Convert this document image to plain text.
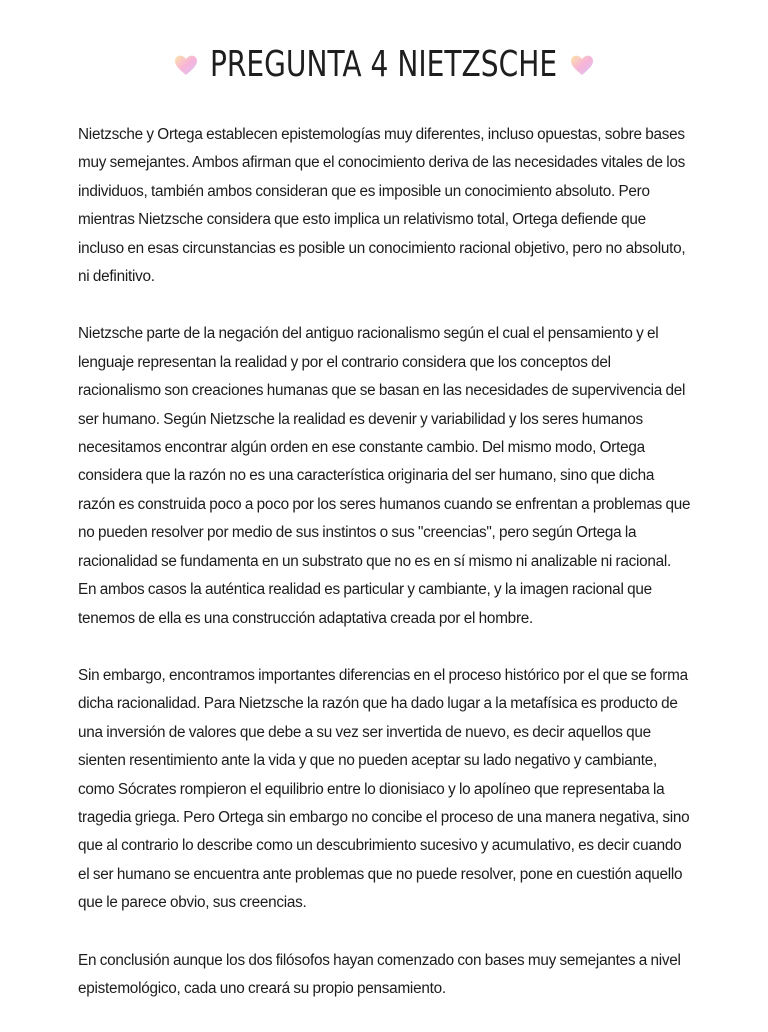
PREGUNTA 4 NIETZSCHE

Nietzsche y Ortega establecen epistemologías muy diferentes, incluso opuestas, sobre bases muy semejantes. Ambos afirman que el conocimiento deriva de las necesidades vitales de los individuos, también ambos consideran que es imposible un conocimiento absoluto. Pero mientras Nietzsche considera que esto implica un relativismo total, Ortega defiende que incluso en esas circunstancias es posible un conocimiento racional objetivo, pero no absoluto, ni definitivo.

Nietzsche parte de la negación del antiguo racionalismo según el cual el pensamiento y el lenguaje representan la realidad y por el contrario considera que los conceptos del racionalismo son creaciones humanas que se basan en las necesidades de supervivencia del ser humano. Según Nietzsche la realidad es devenir y variabilidad y los seres humanos necesitamos encontrar algún orden en ese constante cambio. Del mismo modo, Ortega considera que la razón no es una característica originaria del ser humano, sino que dicha razón es construida poco a poco por los seres humanos cuando se enfrentan a problemas que no pueden resolver por medio de sus instintos o sus "creencias", pero según Ortega la racionalidad se fundamenta en un substrato que no es en sí mismo ni analizable ni racional. En ambos casos la auténtica realidad es particular y cambiante, y la imagen racional que tenemos de ella es una construcción adaptativa creada por el hombre.

Sin embargo, encontramos importantes diferencias en el proceso histórico por el que se forma dicha racionalidad. Para Nietzsche la razón que ha dado lugar a la metafísica es producto de una inversión de valores que debe a su vez ser invertida de nuevo, es decir aquellos que sienten resentimiento ante la vida y que no pueden aceptar su lado negativo y cambiante, como Sócrates rompieron el equilibrio entre lo dionisiaco y lo apolíneo que representaba la tragedia griega. Pero Ortega sin embargo no concibe el proceso de una manera negativa, sino que al contrario lo describe como un descubrimiento sucesivo y acumulativo, es decir cuando el ser humano se encuentra ante problemas que no puede resolver, pone en cuestión aquello que le parece obvio, sus creencias.

En conclusión aunque los dos filósofos hayan comenzado con bases muy semejantes a nivel epistemológico, cada uno creará su propio pensamiento.
